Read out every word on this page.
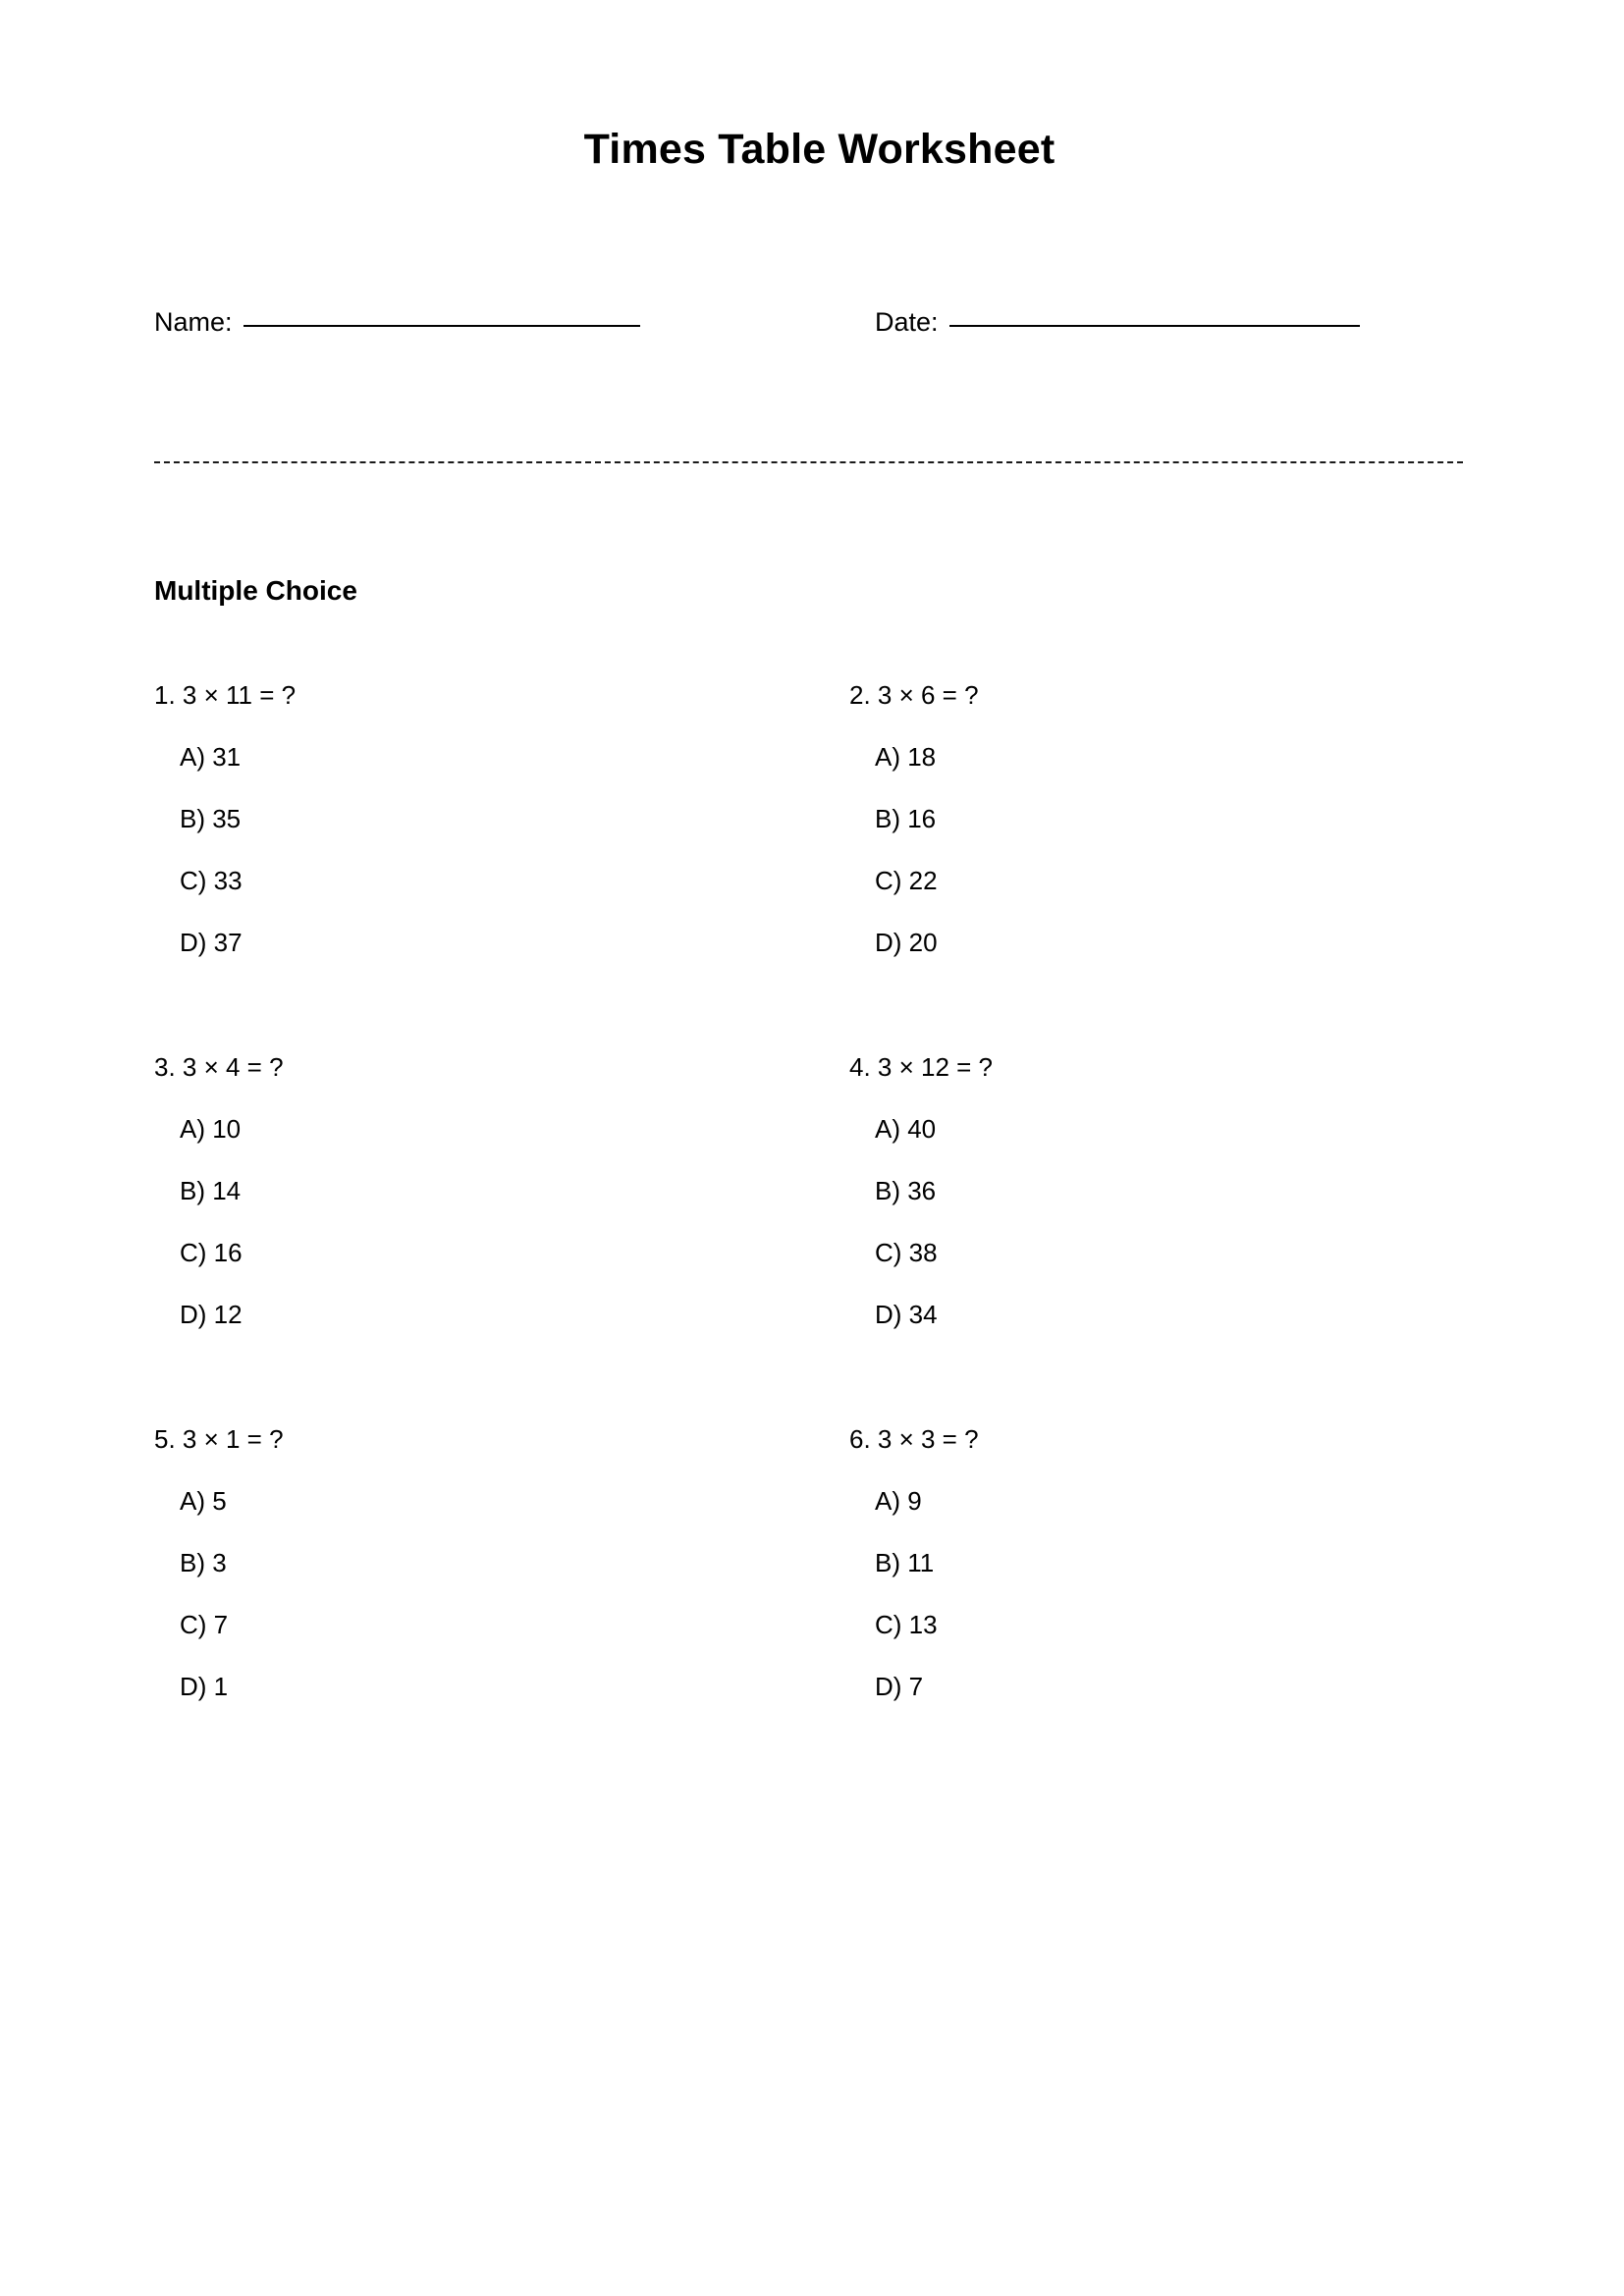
Times Table Worksheet
Name:	Date:
Multiple Choice
1. 3 × 11 = ?
A) 31
B) 35
C) 33
D) 37
2. 3 × 6 = ?
A) 18
B) 16
C) 22
D) 20
3. 3 × 4 = ?
A) 10
B) 14
C) 16
D) 12
4. 3 × 12 = ?
A) 40
B) 36
C) 38
D) 34
5. 3 × 1 = ?
A) 5
B) 3
C) 7
D) 1
6. 3 × 3 = ?
A) 9
B) 11
C) 13
D) 7
